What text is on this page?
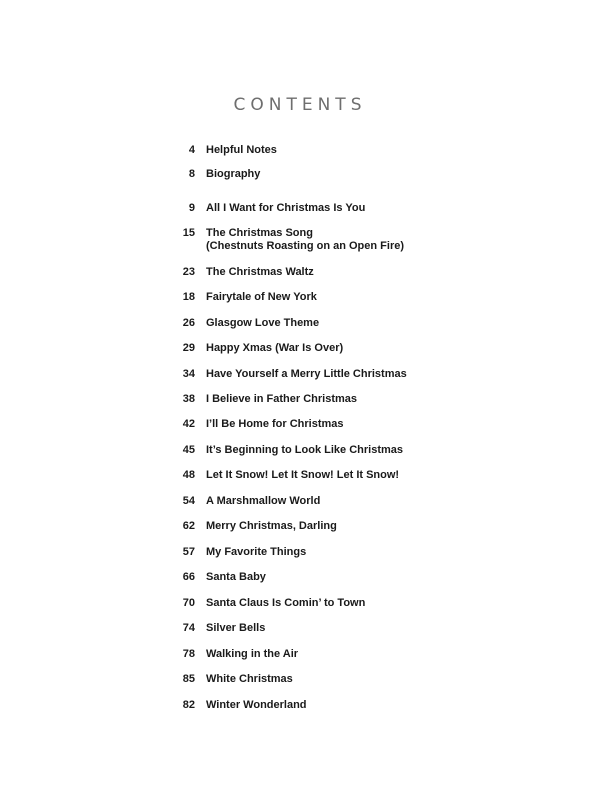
CONTENTS
4 Helpful Notes
8 Biography
9 All I Want for Christmas Is You
15 The Christmas Song
(Chestnuts Roasting on an Open Fire)
23 The Christmas Waltz
18 Fairytale of New York
26 Glasgow Love Theme
29 Happy Xmas (War Is Over)
34 Have Yourself a Merry Little Christmas
38 I Believe in Father Christmas
42 I’ll Be Home for Christmas
45 It’s Beginning to Look Like Christmas
48 Let It Snow! Let It Snow! Let It Snow!
54 A Marshmallow World
62 Merry Christmas, Darling
57 My Favorite Things
66 Santa Baby
70 Santa Claus Is Comin’ to Town
74 Silver Bells
78 Walking in the Air
85 White Christmas
82 Winter Wonderland
